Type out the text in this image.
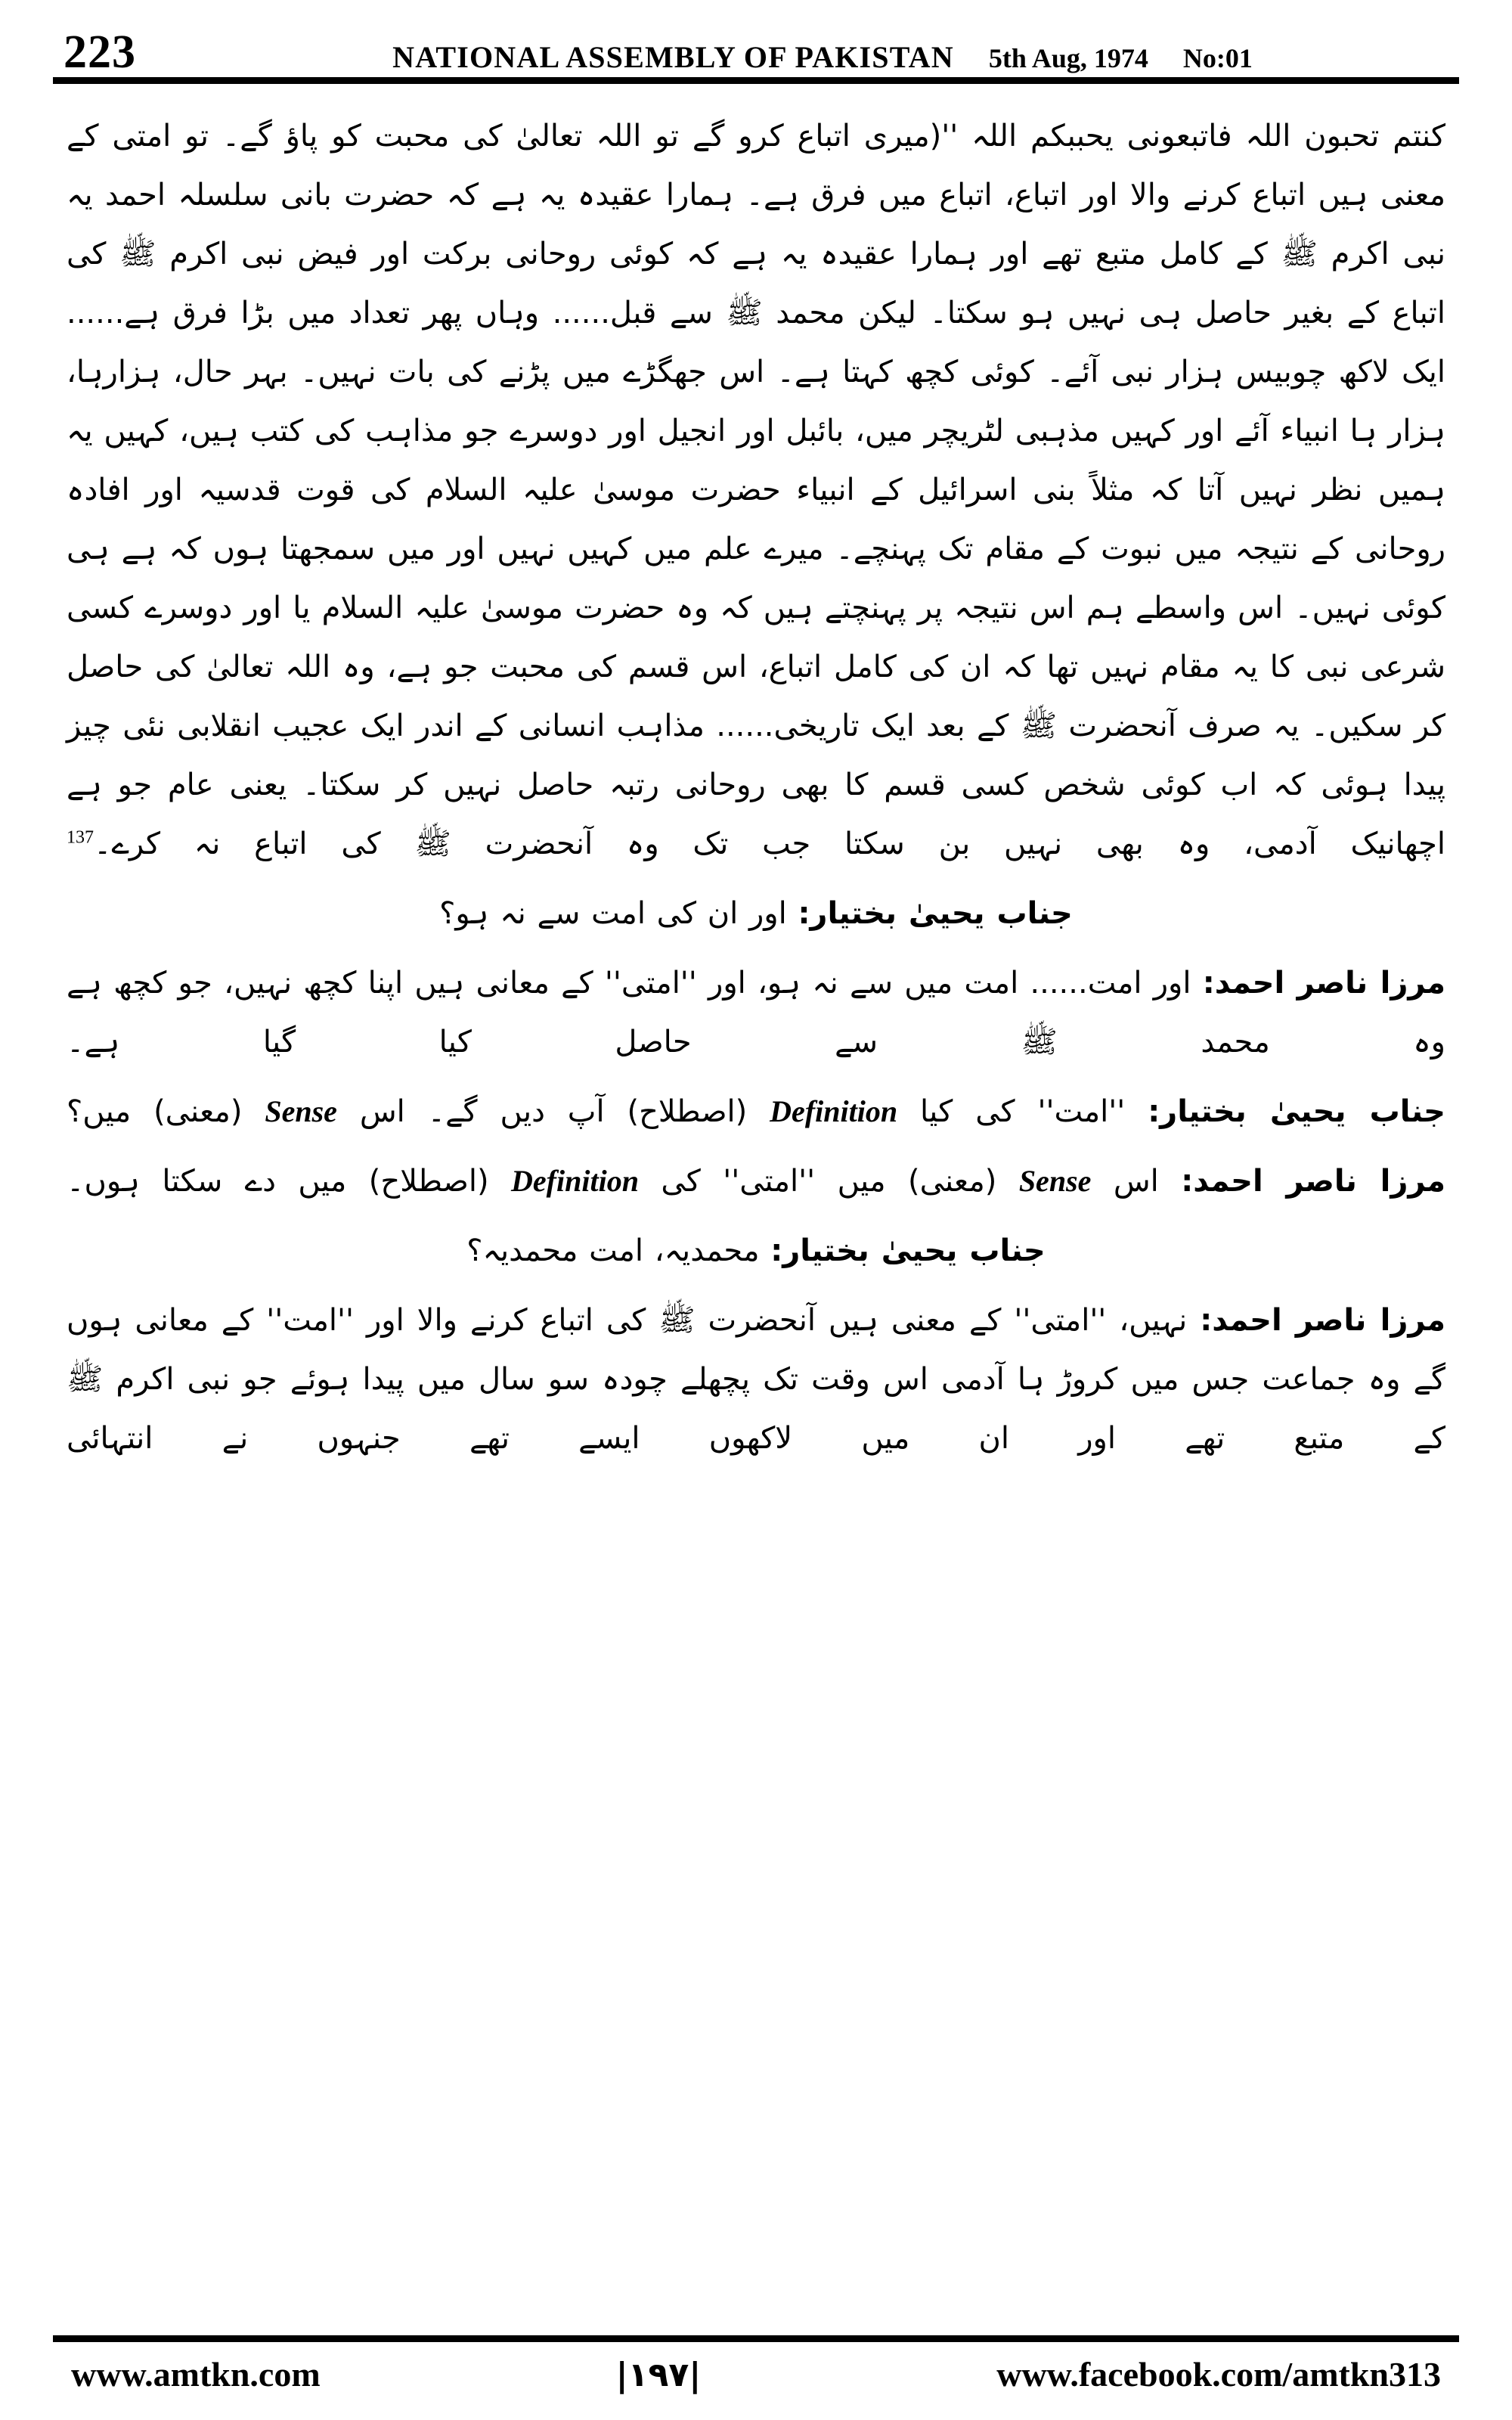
223	NATIONAL ASSEMBLY OF PAKISTAN 5th Aug, 1974 No:01

کنتم تحبون اللہ فاتبعونی یحببکم اللہ ''(میری اتباع کرو گے تو اللہ تعالیٰ کی محبت کو پاؤ گے۔ تو امتی کے معنی ہیں اتباع کرنے والا اور اتباع، اتباع میں فرق ہے۔ ہمارا عقیدہ یہ ہے کہ حضرت بانی سلسلہ احمد یہ نبی اکرم ﷺ کے کامل متبع تھے اور ہمارا عقیدہ یہ ہے کہ کوئی روحانی برکت اور فیض نبی اکرم ﷺ کی اتباع کے بغیر حاصل ہی نہیں ہو سکتا۔ لیکن محمد ﷺ سے قبل...... وہاں پھر تعداد میں بڑا فرق ہے...... ایک لاکھ چوبیس ہزار نبی آئے۔ کوئی کچھ کہتا ہے۔ اس جھگڑے میں پڑنے کی بات نہیں۔ بہر حال، ہزارہا، ہزار ہا انبیاء آئے اور کہیں مذہبی لٹریچر میں، بائبل اور انجیل اور دوسرے جو مذاہب کی کتب ہیں، کہیں یہ ہمیں نظر نہیں آتا کہ مثلاً بنی اسرائیل کے انبیاء حضرت موسیٰ علیہ السلام کی قوت قدسیہ اور افادہ روحانی کے نتیجہ میں نبوت کے مقام تک پہنچے۔ میرے علم میں کہیں نہیں اور میں سمجھتا ہوں کہ ہے ہی کوئی نہیں۔ اس واسطے ہم اس نتیجہ پر پہنچتے ہیں کہ وہ حضرت موسیٰ علیہ السلام یا اور دوسرے کسی شرعی نبی کا یہ مقام نہیں تھا کہ ان کی کامل اتباع، اس قسم کی محبت جو ہے، وہ اللہ تعالیٰ کی حاصل کر سکیں۔ یہ صرف آنحضرت ﷺ کے بعد ایک تاریخی...... مذاہب انسانی کے اندر ایک عجیب انقلابی نئی چیز پیدا ہوئی کہ اب کوئی شخص کسی قسم کا بھی روحانی رتبہ حاصل نہیں کر سکتا۔ یعنی عام جو ہے اچھانیک آدمی، وہ بھی نہیں بن سکتا جب تک وہ آنحضرت ﷺ کی اتباع نہ کرے۔$^{137}$

جناب یحییٰ بختیار: اور ان کی امت سے نہ ہو؟

مرزا ناصر احمد: اور امت...... امت میں سے نہ ہو، اور ''امتی'' کے معانی ہیں اپنا کچھ نہیں، جو کچھ ہے وہ محمد ﷺ سے حاصل کیا گیا ہے۔

جناب یحییٰ بختیار: ''امت'' کی کیا Definition (اصطلاح) آپ دیں گے۔ اس Sense (معنی) میں؟

مرزا ناصر احمد: اس Sense (معنی) میں ''امتی'' کی Definition (اصطلاح) میں دے سکتا ہوں۔

جناب یحییٰ بختیار: محمدیہ، امت محمدیہ؟

مرزا ناصر احمد: نہیں، ''امتی'' کے معنی ہیں آنحضرت ﷺ کی اتباع کرنے والا اور ''امت'' کے معانی ہوں گے وہ جماعت جس میں کروڑ ہا آدمی اس وقت تک پچھلے چودہ سو سال میں پیدا ہوئے جو نبی اکرم ﷺ کے متبع تھے اور ان میں لاکھوں ایسے تھے جنہوں نے انتہائی

www.amtkn.com	|۱۹۷|	www.facebook.com/amtkn313
